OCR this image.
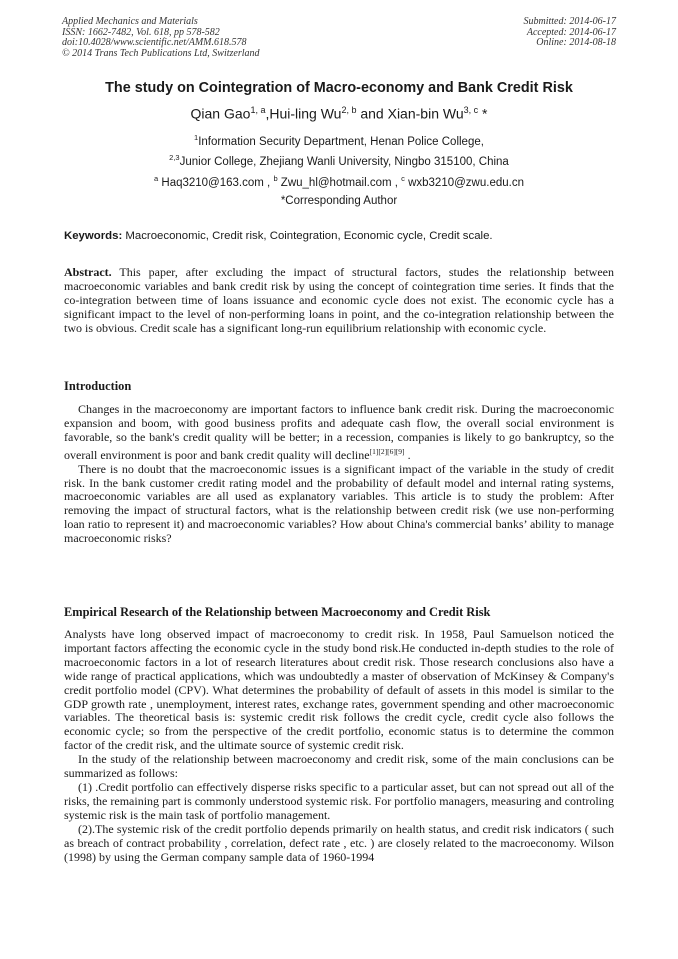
Applied Mechanics and Materials
ISSN: 1662-7482, Vol. 618, pp 578-582
doi:10.4028/www.scientific.net/AMM.618.578
© 2014 Trans Tech Publications Ltd, Switzerland
Submitted: 2014-06-17
Accepted: 2014-06-17
Online: 2014-08-18
The study on Cointegration of Macro-economy and Bank Credit Risk
Qian Gao$^{1, a}$,Hui-ling Wu$^{2, b}$ and Xian-bin Wu$^{3, c}$ *
$^1$Information Security Department, Henan Police College,
$^{2,3}$Junior College, Zhejiang Wanli University, Ningbo 315100, China
$^a$ Haq3210@163.com , $^b$ Zwu_hl@hotmail.com , $^c$ wxb3210@zwu.edu.cn
*Corresponding Author
Keywords: Macroeconomic, Credit risk, Cointegration, Economic cycle, Credit scale.

Abstract. This paper, after excluding the impact of structural factors, studes the relationship between macroeconomic variables and bank credit risk by using the concept of cointegration time series. It finds that the co-integration between time of loans issuance and economic cycle does not exist. The economic cycle has a significant impact to the level of non-performing loans in point, and the co-integration relationship between the two is obvious. Credit scale has a significant long-run equilibrium relationship with economic cycle.

Introduction

Changes in the macroeconomy are important factors to influence bank credit risk. During the macroeconomic expansion and boom, with good business profits and adequate cash flow, the overall social environment is favorable, so the bank's credit quality will be better; in a recession, companies is likely to go bankruptcy, so the overall environment is poor and bank credit quality will decline[1][2][6][9] .

There is no doubt that the macroeconomic issues is a significant impact of the variable in the study of credit risk. In the bank customer credit rating model and the probability of default model and internal rating systems, macroeconomic variables are all used as explanatory variables. This article is to study the problem: After removing the impact of structural factors, what is the relationship between credit risk (we use non-performing loan ratio to represent it) and macroeconomic variables? How about China's commercial banks’ ability to manage macroeconomic risks?

Empirical Research of the Relationship between Macroeconomy and Credit Risk

Analysts have long observed impact of macroeconomy to credit risk. In 1958, Paul Samuelson noticed the important factors affecting the economic cycle in the study bond risk.He conducted in-depth studies to the role of macroeconomic factors in a lot of research literatures about credit risk. Those research conclusions also have a wide range of practical applications, which was undoubtedly a master of observation of McKinsey & Company's credit portfolio model (CPV). What determines the probability of default of assets in this model is similar to the GDP growth rate , unemployment, interest rates, exchange rates, government spending and other macroeconomic variables. The theoretical basis is: systemic credit risk follows the credit cycle, credit cycle also follows the economic cycle; so from the perspective of the credit portfolio, economic status is to determine the common factor of the credit risk, and the ultimate source of systemic credit risk.

In the study of the relationship between macroeconomy and credit risk, some of the main conclusions can be summarized as follows:

(1) .Credit portfolio can effectively disperse risks specific to a particular asset, but can not spread out all of the risks, the remaining part is commonly understood systemic risk. For portfolio managers, measuring and controling systemic risk is the main task of portfolio management.

(2).The systemic risk of the credit portfolio depends primarily on health status, and credit risk indicators ( such as breach of contract probability , correlation, defect rate , etc. ) are closely related to the macroeconomy. Wilson (1998) by using the German company sample data of 1960-1994
